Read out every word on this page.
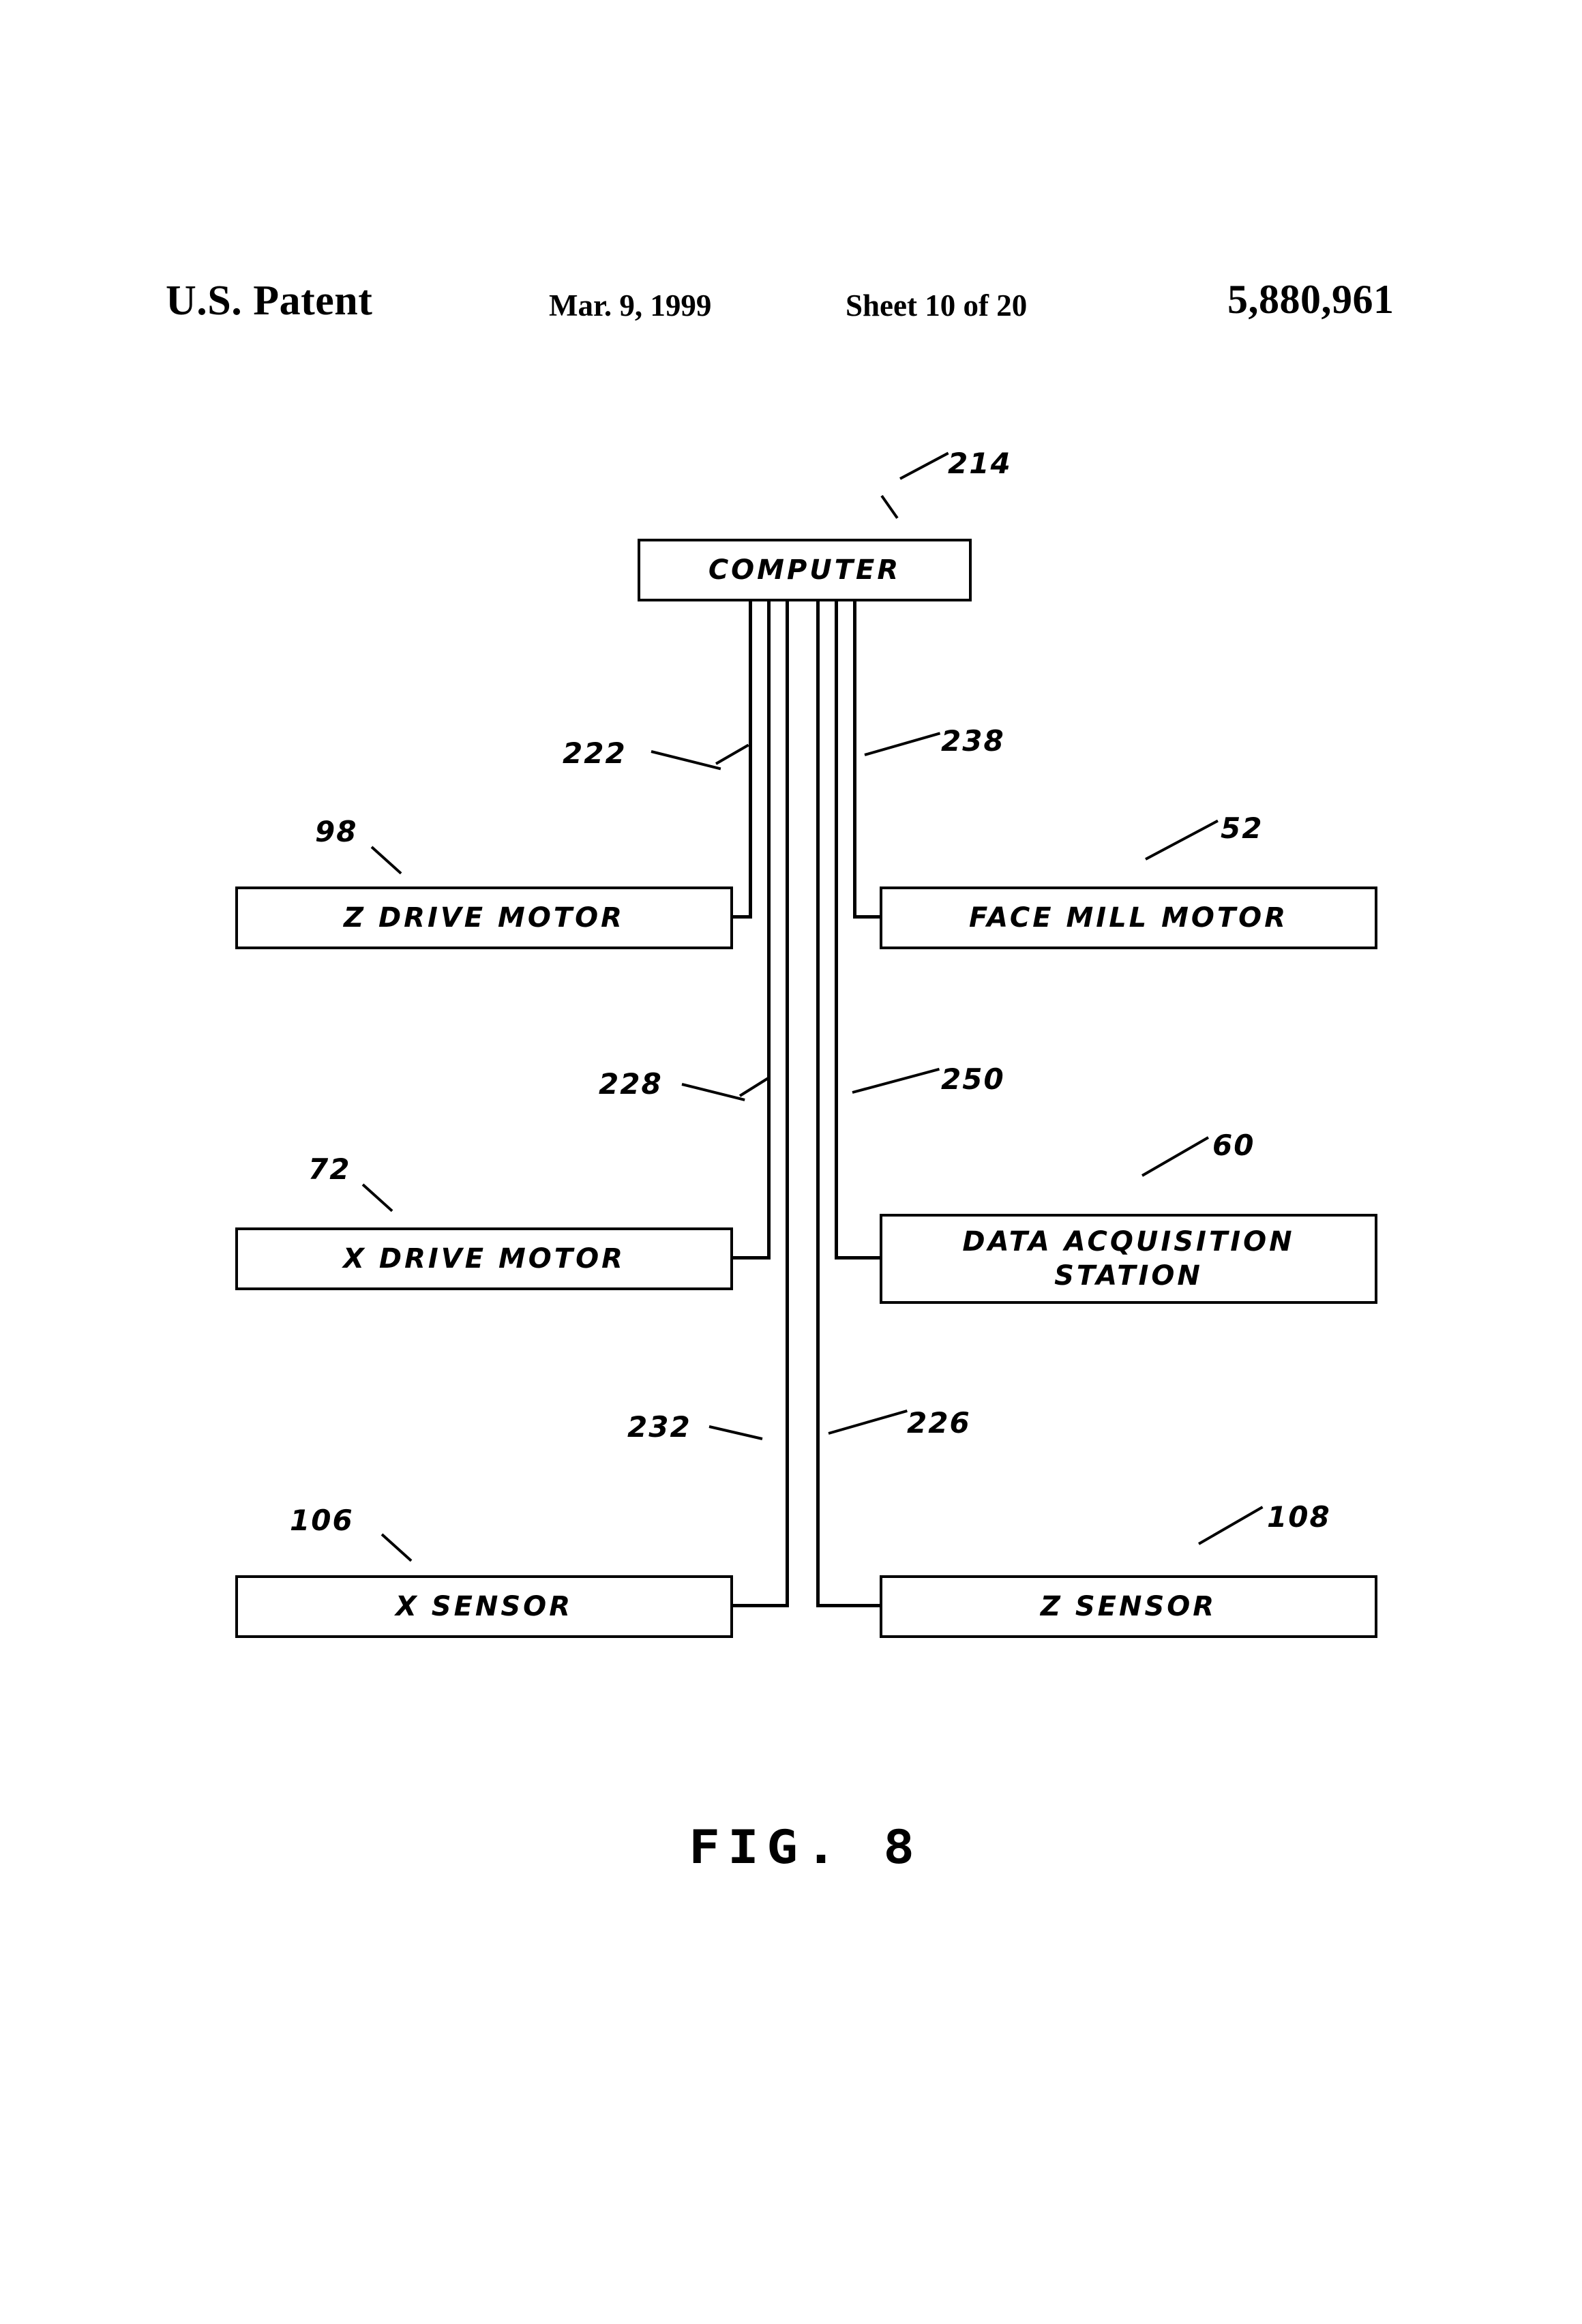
U.S. Patent	Mar. 9, 1999	Sheet 10 of 20	5,880,961
COMPUTER
Z DRIVE MOTOR	FACE MILL MOTOR
X DRIVE MOTOR
DATA ACQUISITION STATION
X SENSOR	Z SENSOR
214
222	238
98	52
228	250
72
60
232	226
106	108
FIG. 8
